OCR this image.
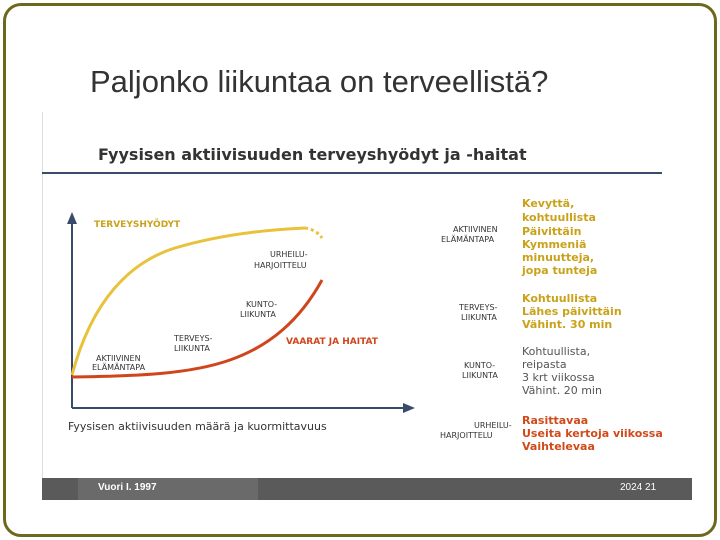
Paljonko liikuntaa on terveellistä?
Fyysisen aktiivisuuden terveyshyödyt ja -haitat
TERVEYSHYÖDYT
VAARAT JA HAITAT
AKTIIVINEN
ELÄMÄNTAPA
TERVEYS-
LIIKUNTA
KUNTO-
LIIKUNTA
URHEILU-
HARJOITTELU
Fyysisen aktiivisuuden määrä ja kuormittavuus
AKTIIVINEN
ELÄMÄNTAPA
TERVEYS-
LIIKUNTA
KUNTO-
LIIKUNTA
URHEILU-
HARJOITTELU
Kevyttä,
kohtuullista
Päivittäin
Kymmeniä
minuutteja,
jopa tunteja
Kohtuullista
Lähes päivittäin
Vähint. 30 min
Kohtuullista,
reipasta
3 krt viikossa
Vähint. 20 min
Rasittavaa
Useita kertoja viikossa
Vaihtelevaa
Vuori I. 1997	2024 21
